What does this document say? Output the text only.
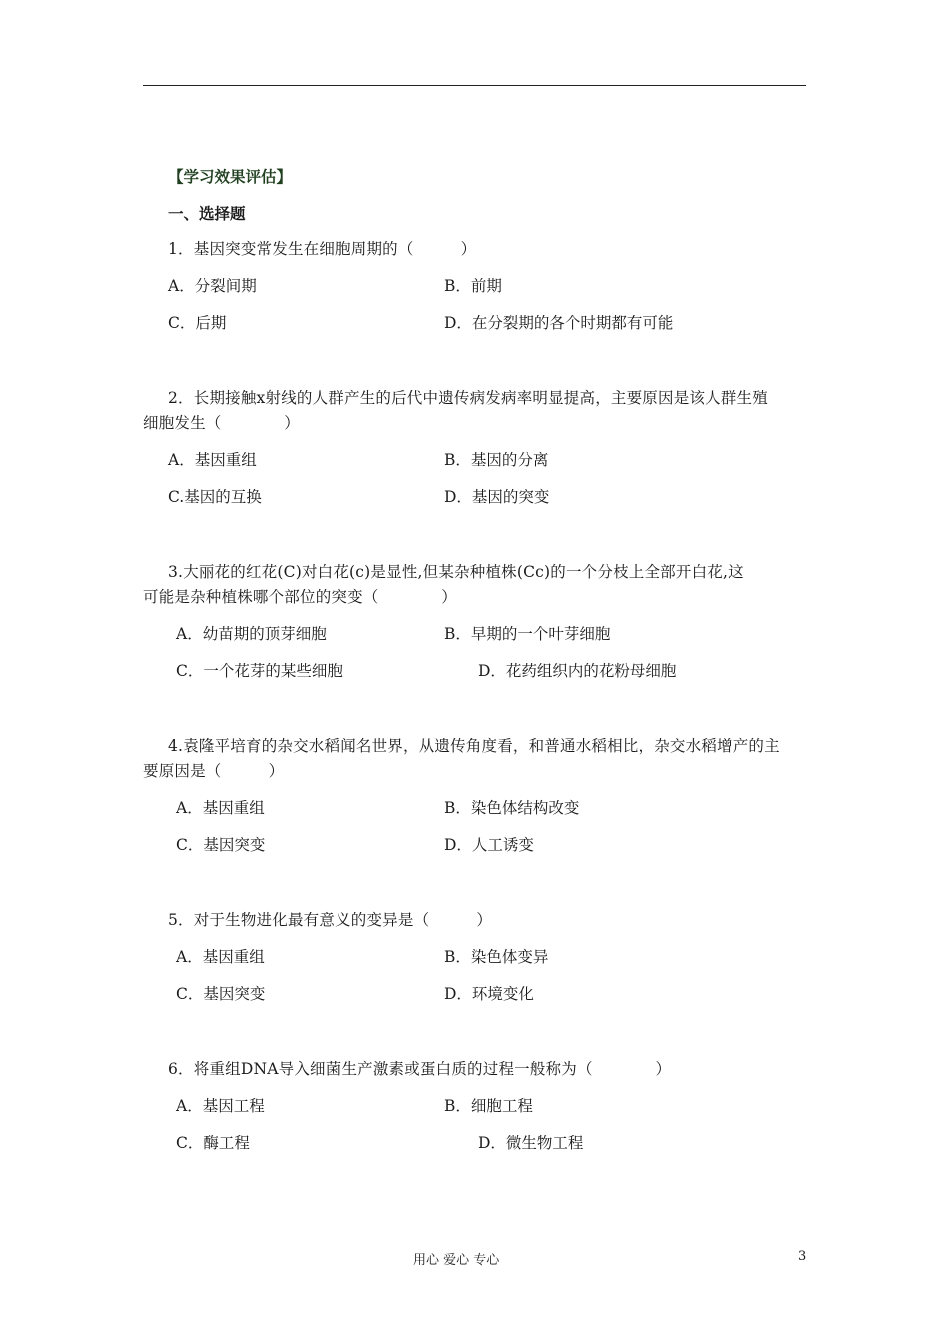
【学习效果评估】
一、选择题
1．基因突变常发生在细胞周期的（　　　）
A．分裂间期	B．前期
C．后期	D．在分裂期的各个时期都有可能
2．长期接触x射线的人群产生的后代中遗传病发病率明显提高，主要原因是该人群生殖
细胞发生（　　　　）
A．基因重组	B．基因的分离
C.基因的互换	D．基因的突变
3.大丽花的红花(C)对白花(c)是显性,但某杂种植株(Cc)的一个分枝上全部开白花,这
可能是杂种植株哪个部位的突变（　　　　）
A．幼苗期的顶芽细胞	B．早期的一个叶芽细胞
C．一个花芽的某些细胞	D．花药组织内的花粉母细胞
4.袁隆平培育的杂交水稻闻名世界，从遗传角度看，和普通水稻相比，杂交水稻增产的主
要原因是（　　　）
A．基因重组	B．染色体结构改变
C．基因突变	D．人工诱变
5．对于生物进化最有意义的变异是（　　　）
A．基因重组	B．染色体变异
C．基因突变	D．环境变化
6．将重组DNA导入细菌生产激素或蛋白质的过程一般称为（　　　　）
A．基因工程	B．细胞工程
C．酶工程	D．微生物工程
用心 爱心 专心	3
